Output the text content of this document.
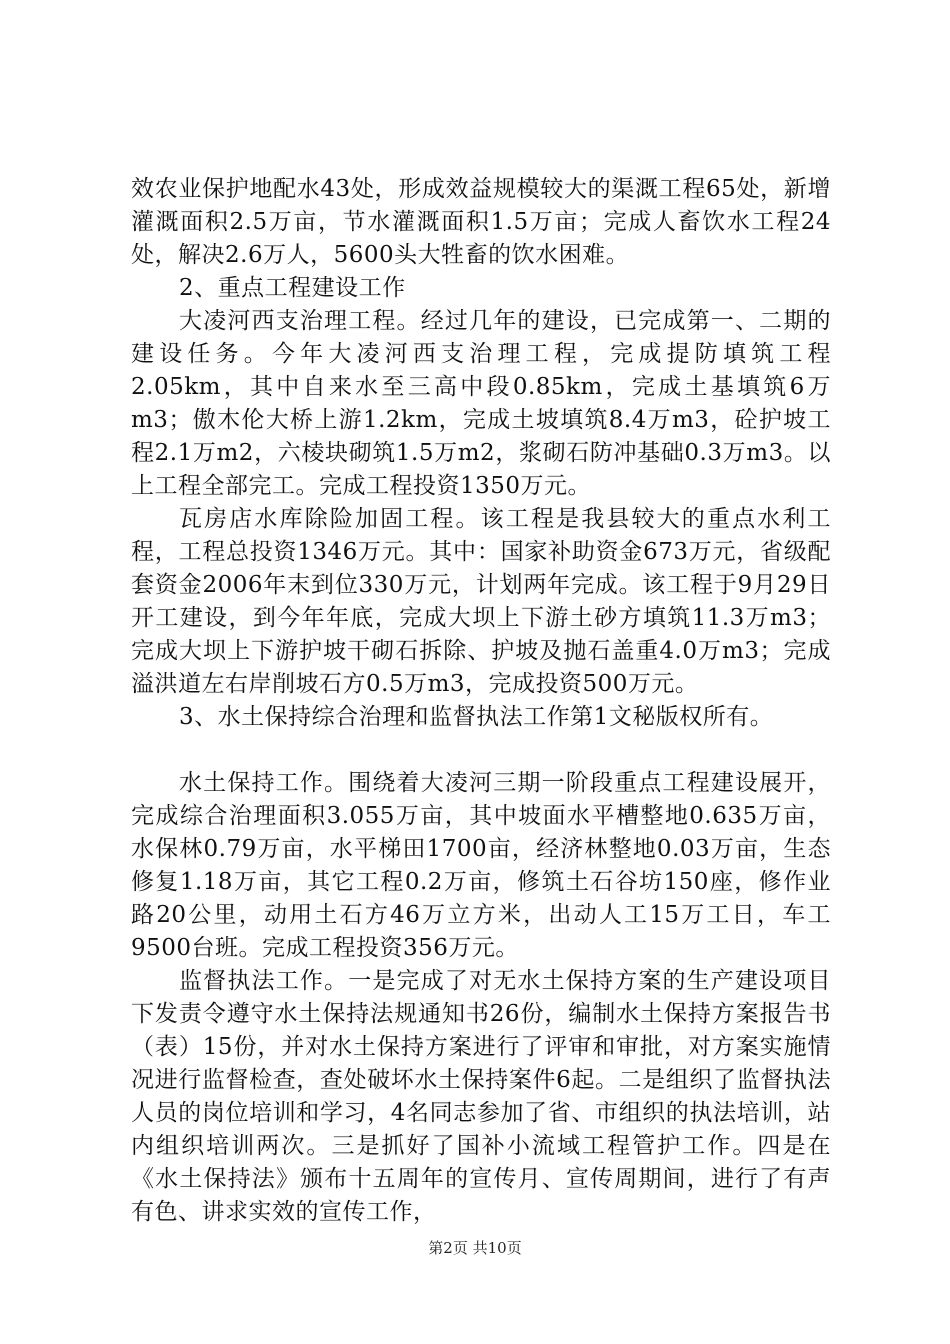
效农业保护地配水43处，形成效益规模较大的渠溉工程65处，新增灌溉面积2.5万亩，节水灌溉面积1.5万亩；完成人畜饮水工程24处，解决2.6万人，5600头大牲畜的饮水困难。

2、重点工程建设工作

大凌河西支治理工程。经过几年的建设，已完成第一、二期的建设任务。今年大凌河西支治理工程，完成提防填筑工程2.05km，其中自来水至三高中段0.85km，完成土基填筑6万m3；傲木伦大桥上游1.2km，完成土坡填筑8.4万m3，砼护坡工程2.1万m2，六棱块砌筑1.5万m2，浆砌石防冲基础0.3万m3。以上工程全部完工。完成工程投资1350万元。

瓦房店水库除险加固工程。该工程是我县较大的重点水利工程，工程总投资1346万元。其中：国家补助资金673万元，省级配套资金2006年末到位330万元，计划两年完成。该工程于9月29日开工建设，到今年年底，完成大坝上下游土砂方填筑11.3万m3；完成大坝上下游护坡干砌石拆除、护坡及抛石盖重4.0万m3；完成溢洪道左右岸削坡石方0.5万m3，完成投资500万元。

3、水土保持综合治理和监督执法工作第1文秘版权所有。

水土保持工作。围绕着大凌河三期一阶段重点工程建设展开，完成综合治理面积3.055万亩，其中坡面水平槽整地0.635万亩，水保林0.79万亩，水平梯田1700亩，经济林整地0.03万亩，生态修复1.18万亩，其它工程0.2万亩，修筑土石谷坊150座，修作业路20公里，动用土石方46万立方米，出动人工15万工日，车工9500台班。完成工程投资356万元。

监督执法工作。一是完成了对无水土保持方案的生产建设项目下发责令遵守水土保持法规通知书26份，编制水土保持方案报告书（表）15份，并对水土保持方案进行了评审和审批，对方案实施情况进行监督检查，查处破坏水土保持案件6起。二是组织了监督执法人员的岗位培训和学习，4名同志参加了省、市组织的执法培训，站内组织培训两次。三是抓好了国补小流域工程管护工作。四是在《水土保持法》颁布十五周年的宣传月、宣传周期间，进行了有声有色、讲求实效的宣传工作，

第2页 共10页
